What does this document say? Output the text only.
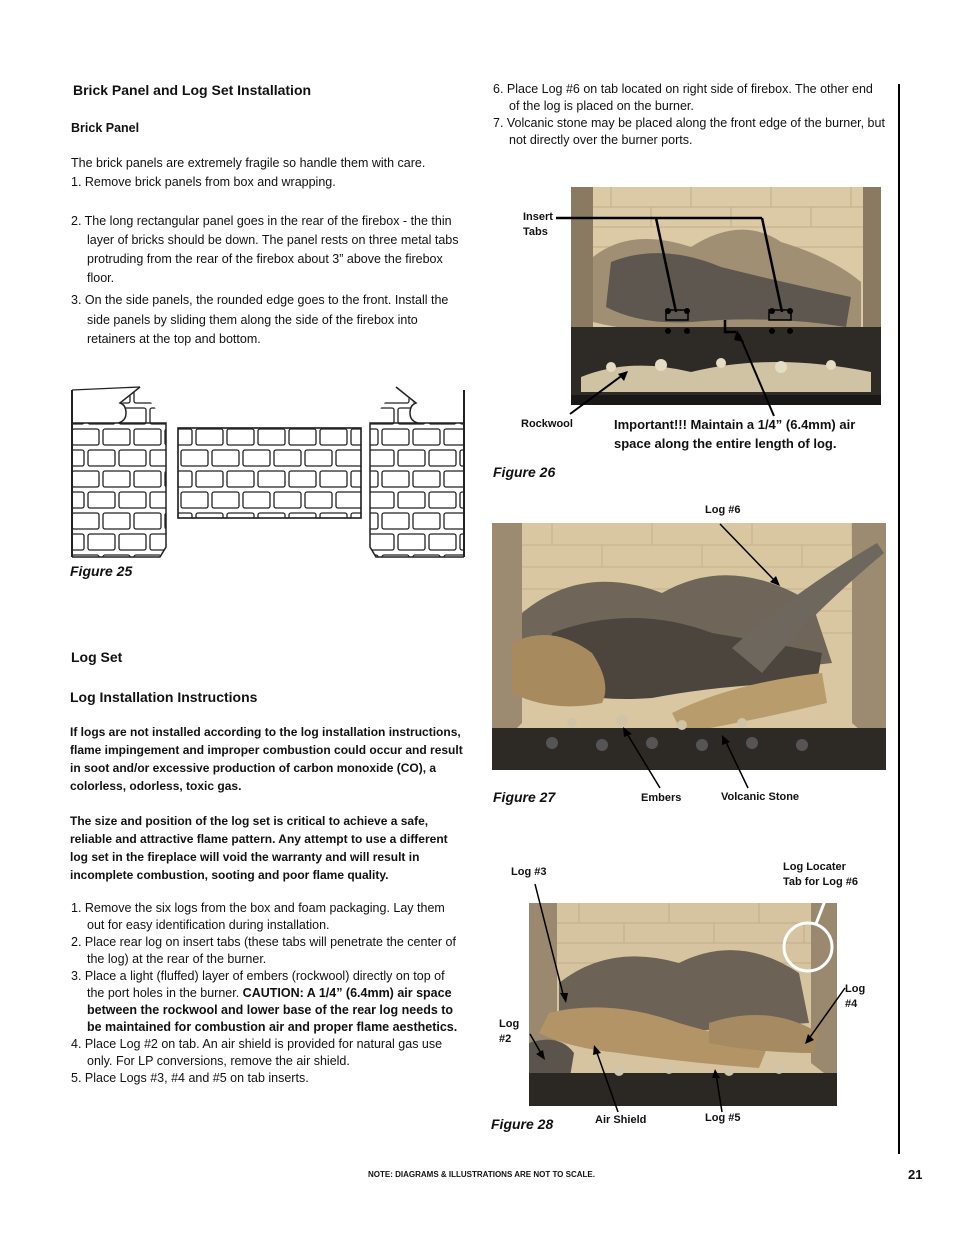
Brick Panel and Log Set Installation
Brick Panel
The brick panels are extremely fragile so handle them with care.
1. Remove brick panels from box and wrapping.

2. The long rectangular panel goes in the rear of the firebox - the thin layer of bricks should be down. The panel rests on three metal tabs protruding from the rear of the firebox about 3” above the firebox floor.

3. On the side panels, the rounded edge goes to the front. Install the side panels by sliding them along the side of the firebox into retainers at the top and bottom.

Figure 25
Log Set
Log Installation Instructions
If logs are not installed according to the log installation instructions, flame impingement and improper combustion could occur and result in soot and/or excessive production of carbon monoxide (CO), a colorless, odorless, toxic gas.
The size and position of the log set is critical to achieve a safe, reliable and attractive flame pattern. Any attempt to use a different log set in the fireplace will void the warranty and will result in incomplete combustion, sooting and poor flame quality.

1. Remove the six logs from the box and foam packaging. Lay them out for easy identification during installation.

2. Place rear log on insert tabs (these tabs will penetrate the center of the log) at the rear of the burner.

3. Place a light (fluffed) layer of embers (rockwool) directly on top of the port holes in the burner. CAUTION: A 1/4” (6.4mm) air space between the rockwool and lower base of the rear log needs to be maintained for combustion air and proper flame aesthetics.

4. Place Log #2 on tab. An air shield is provided for natural gas use only. For LP conversions, remove the air shield.

5. Place Logs #3, #4 and #5 on tab inserts.

6. Place Log #6 on tab located on right side of firebox. The other end of the log is placed on the burner.

7. Volcanic stone may be placed along the front edge of the burner, but not directly over the burner ports.

Insert Tabs
Rockwool	Important!!! Maintain a 1/4” (6.4mm) air space along the entire length of log.
Figure 26
Log #6
Figure 27	Embers	Volcanic Stone
Log #3	Log Locater Tab for Log #6
Log #4
Log #2
Figure 28	Air Shield	Log #5
NOTE: DIAGRAMS & ILLUSTRATIONS ARE NOT TO SCALE.	21
